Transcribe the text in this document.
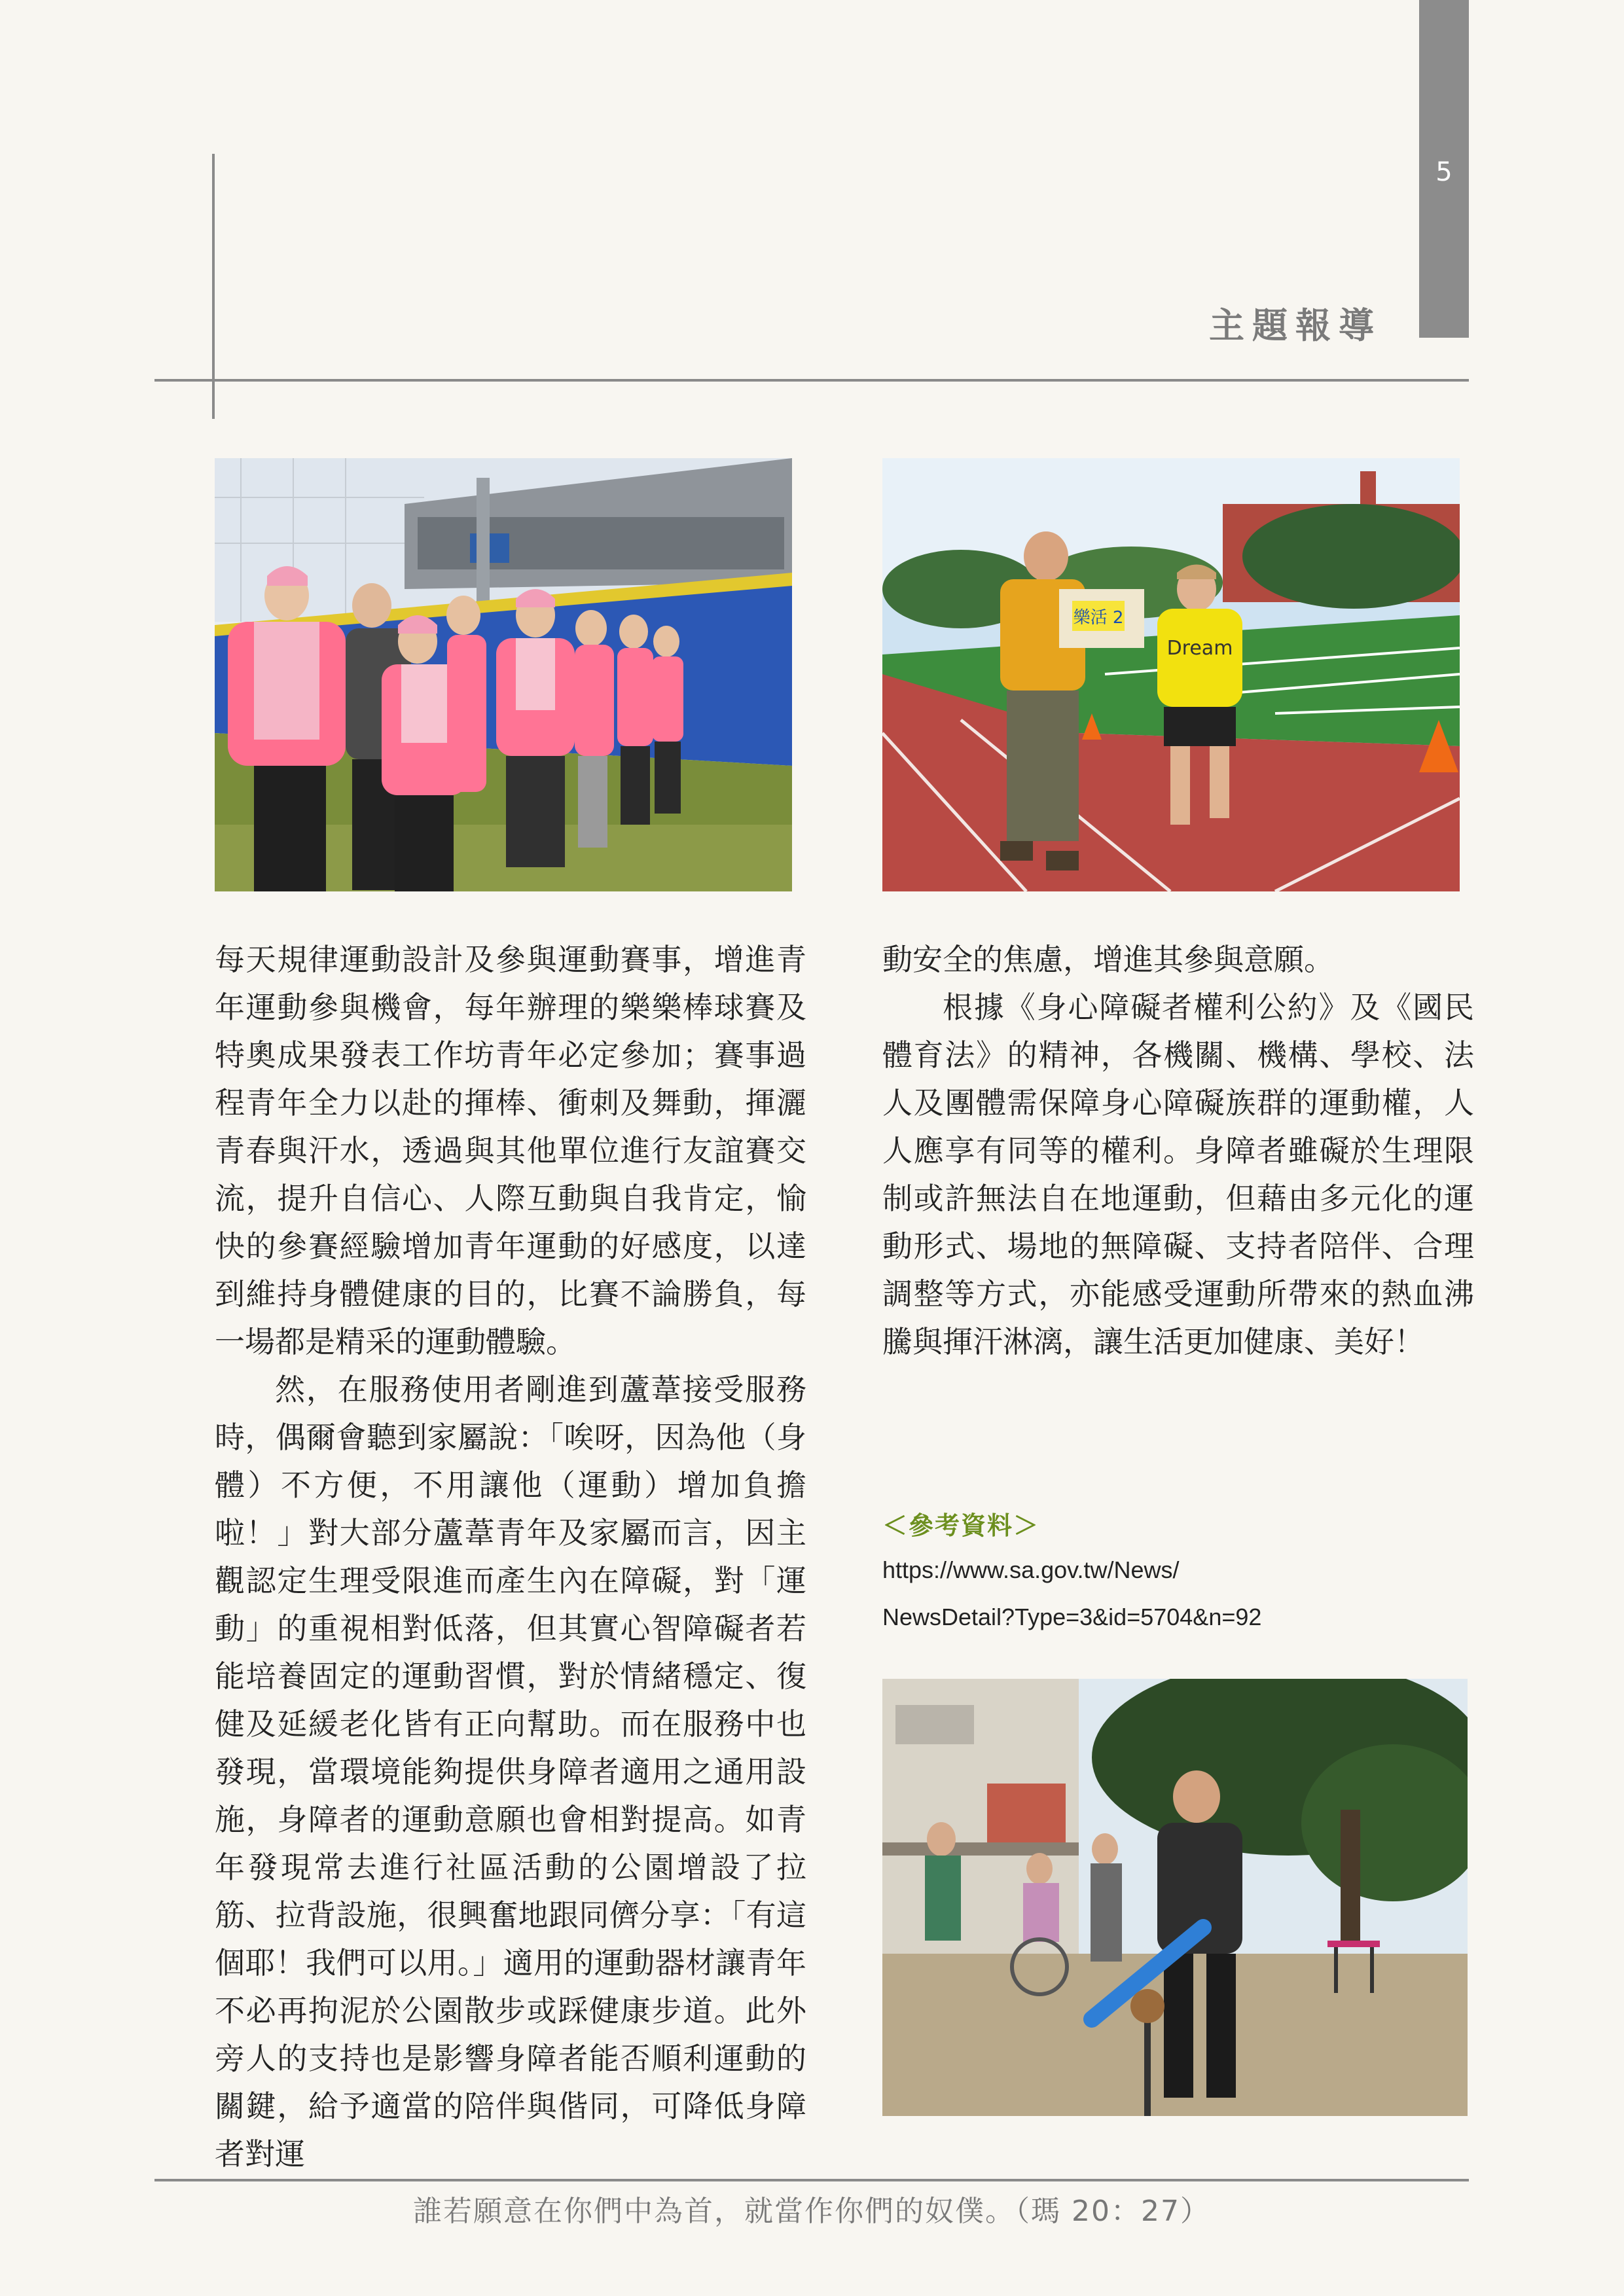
5
主題報導
樂活 2
Dream

每天規律運動設計及參與運動賽事，增進青年運動參與機會，每年辦理的樂樂棒球賽及特奧成果發表工作坊青年必定參加；賽事過程青年全力以赴的揮棒、衝刺及舞動，揮灑青春與汗水，透過與其他單位進行友誼賽交流，提升自信心、人際互動與自我肯定，愉快的參賽經驗增加青年運動的好感度，以達到維持身體健康的目的，比賽不論勝負，每一場都是精采的運動體驗。

然，在服務使用者剛進到蘆葦接受服務時，偶爾會聽到家屬說：「唉呀，因為他（身體）不方便，不用讓他（運動）增加負擔啦！」對大部分蘆葦青年及家屬而言，因主觀認定生理受限進而產生內在障礙，對「運動」的重視相對低落，但其實心智障礙者若能培養固定的運動習慣，對於情緒穩定、復健及延緩老化皆有正向幫助。而在服務中也發現，當環境能夠提供身障者適用之通用設施，身障者的運動意願也會相對提高。如青年發現常去進行社區活動的公園增設了拉筋、拉背設施，很興奮地跟同儕分享：「有這個耶！我們可以用。」適用的運動器材讓青年不必再拘泥於公園散步或踩健康步道。此外旁人的支持也是影響身障者能否順利運動的關鍵，給予適當的陪伴與偕同，可降低身障者對運

動安全的焦慮，增進其參與意願。

根據《身心障礙者權利公約》及《國民體育法》的精神，各機關、機構、學校、法人及團體需保障身心障礙族群的運動權，人人應享有同等的權利。身障者雖礙於生理限制或許無法自在地運動，但藉由多元化的運動形式、場地的無障礙、支持者陪伴、合理調整等方式，亦能感受運動所帶來的熱血沸騰與揮汗淋漓，讓生活更加健康、美好！

＜參考資料＞
https://www.sa.gov.tw/News/
NewsDetail?Type=3&id=5704&n=92
誰若願意在你們中為首，就當作你們的奴僕。（瑪 20：27）
